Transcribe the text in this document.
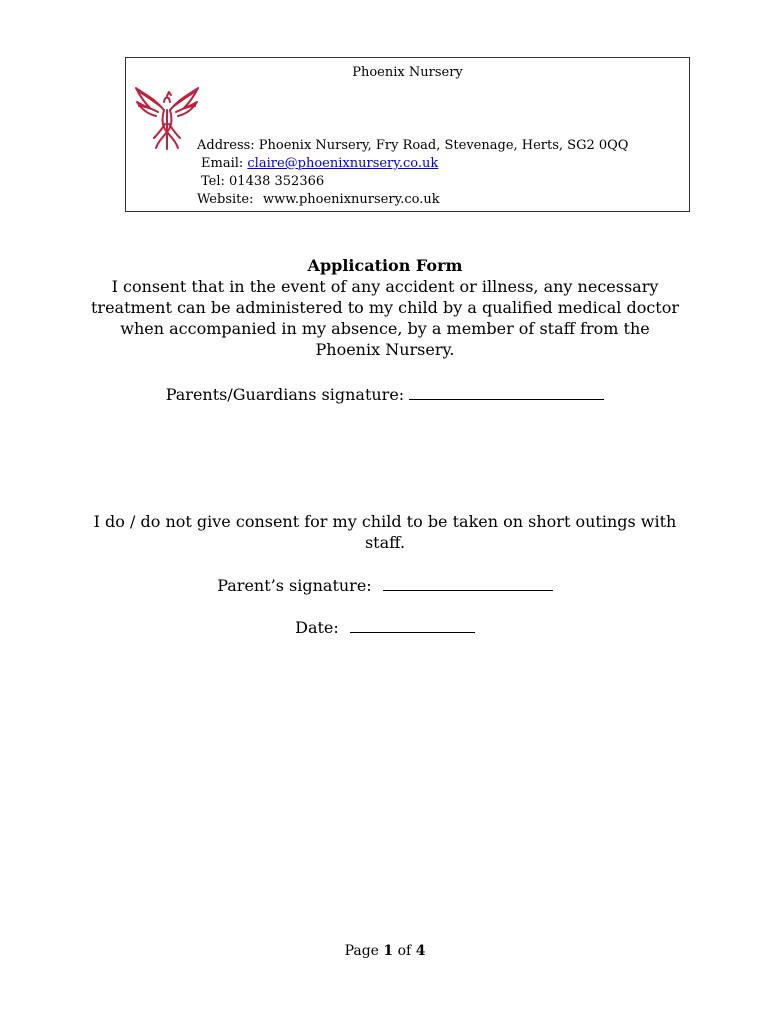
Phoenix Nursery
Address: Phoenix Nursery, Fry Road, Stevenage, Herts, SG2 0QQ
Email: claire@phoenixnursery.co.uk
Tel: 01438 352366
Website: www.phoenixnursery.co.uk
Application Form
I consent that in the event of any accident or illness, any necessary
treatment can be administered to my child by a qualified medical doctor
when accompanied in my absence, by a member of staff from the
Phoenix Nursery.
Parents/Guardians signature:
I do / do not give consent for my child to be taken on short outings with
staff.
Parent’s signature:
Date:
Page 1 of 4
